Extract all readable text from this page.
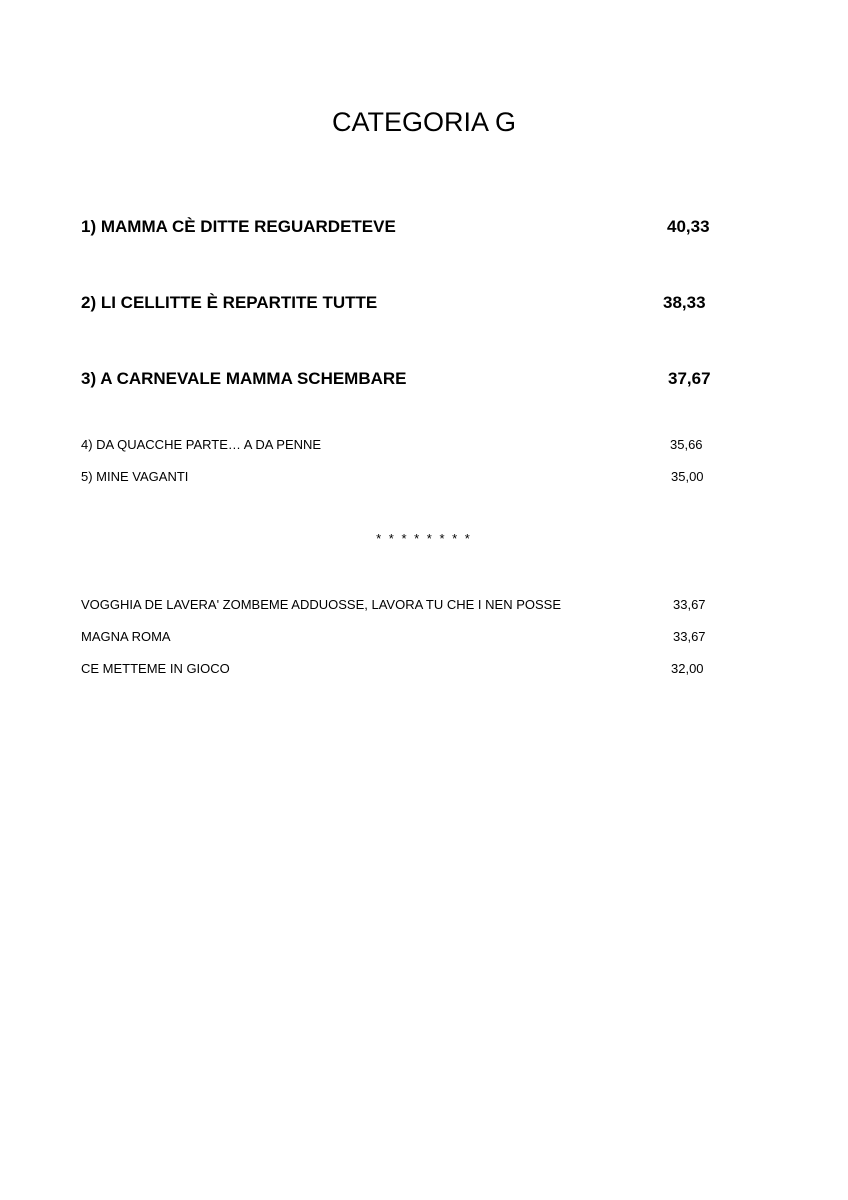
CATEGORIA G
1) MAMMA CÈ DITTE REGUARDETEVE	40,33
2) LI CELLITTE È REPARTITE TUTTE	38,33
3) A CARNEVALE MAMMA SCHEMBARE	37,67
4) DA QUACCHE PARTE… A DA PENNE	35,66
5) MINE VAGANTI	35,00
* * * * * * * *
VOGGHIA DE LAVERA' ZOMBEME ADDUOSSE, LAVORA TU CHE I NEN POSSE	33,67
MAGNA ROMA	33,67
CE METTEME IN GIOCO	32,00
